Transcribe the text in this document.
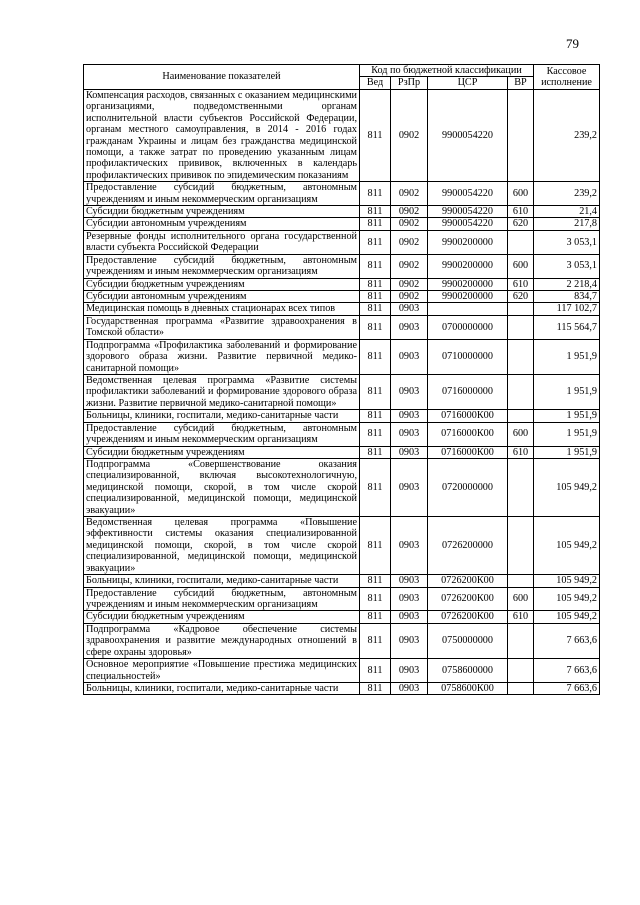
79
Наименование показателей	Код по бюджетной классификации				Кассовое исполнение
	Вед	РзПр	ЦСР	ВР	
Компенсация расходов, связанных с оказанием медицинскими организациями, подведомственными органам исполнительной власти субъектов Российской Федерации, органам местного самоуправления, в 2014 - 2016 годах гражданам Украины и лицам без гражданства медицинской помощи, а также затрат по проведению указанным лицам профилактических прививок, включенных в календарь профилактических прививок по эпидемическим показаниям	811	0902	9900054220		239,2
Предоставление субсидий бюджетным, автономным учреждениям и иным некоммерческим организациям	811	0902	9900054220	600	239,2
Субсидии бюджетным учреждениям	811	0902	9900054220	610	21,4
Субсидии автономным учреждениям	811	0902	9900054220	620	217,8
Резервные фонды исполнительного органа государственной власти субъекта Российской Федерации	811	0902	9900200000		3 053,1
Предоставление субсидий бюджетным, автономным учреждениям и иным некоммерческим организациям	811	0902	9900200000	600	3 053,1
Субсидии бюджетным учреждениям	811	0902	9900200000	610	2 218,4
Субсидии автономным учреждениям	811	0902	9900200000	620	834,7
Медицинская помощь в дневных стационарах всех типов	811	0903			117 102,7
Государственная программа «Развитие здравоохранения в Томской области»	811	0903	0700000000		115 564,7
Подпрограмма «Профилактика заболеваний и формирование здорового образа жизни. Развитие первичной медико-санитарной помощи»	811	0903	0710000000		1 951,9
Ведомственная целевая программа «Развитие системы профилактики заболеваний и формирование здорового образа жизни. Развитие первичной медико-санитарной помощи»	811	0903	0716000000		1 951,9
Больницы, клиники, госпитали, медико-санитарные части	811	0903	0716000К00		1 951,9
Предоставление субсидий бюджетным, автономным учреждениям и иным некоммерческим организациям	811	0903	0716000К00	600	1 951,9
Субсидии бюджетным учреждениям	811	0903	0716000К00	610	1 951,9
Подпрограмма «Совершенствование оказания специализированной, включая высокотехнологичную, медицинской помощи, скорой, в том числе скорой специализированной, медицинской помощи, медицинской эвакуации»	811	0903	0720000000		105 949,2
Ведомственная целевая программа «Повышение эффективности системы оказания специализированной медицинской помощи, скорой, в том числе скорой специализированной, медицинской помощи, медицинской эвакуации»	811	0903	0726200000		105 949,2
Больницы, клиники, госпитали, медико-санитарные части	811	0903	0726200К00		105 949,2
Предоставление субсидий бюджетным, автономным учреждениям и иным некоммерческим организациям	811	0903	0726200К00	600	105 949,2
Субсидии бюджетным учреждениям	811	0903	0726200К00	610	105 949,2
Подпрограмма «Кадровое обеспечение системы здравоохранения и развитие международных отношений в сфере охраны здоровья»	811	0903	0750000000		7 663,6
Основное мероприятие «Повышение престижа медицинских специальностей»	811	0903	0758600000		7 663,6
Больницы, клиники, госпитали, медико-санитарные части	811	0903	0758600К00		7 663,6
